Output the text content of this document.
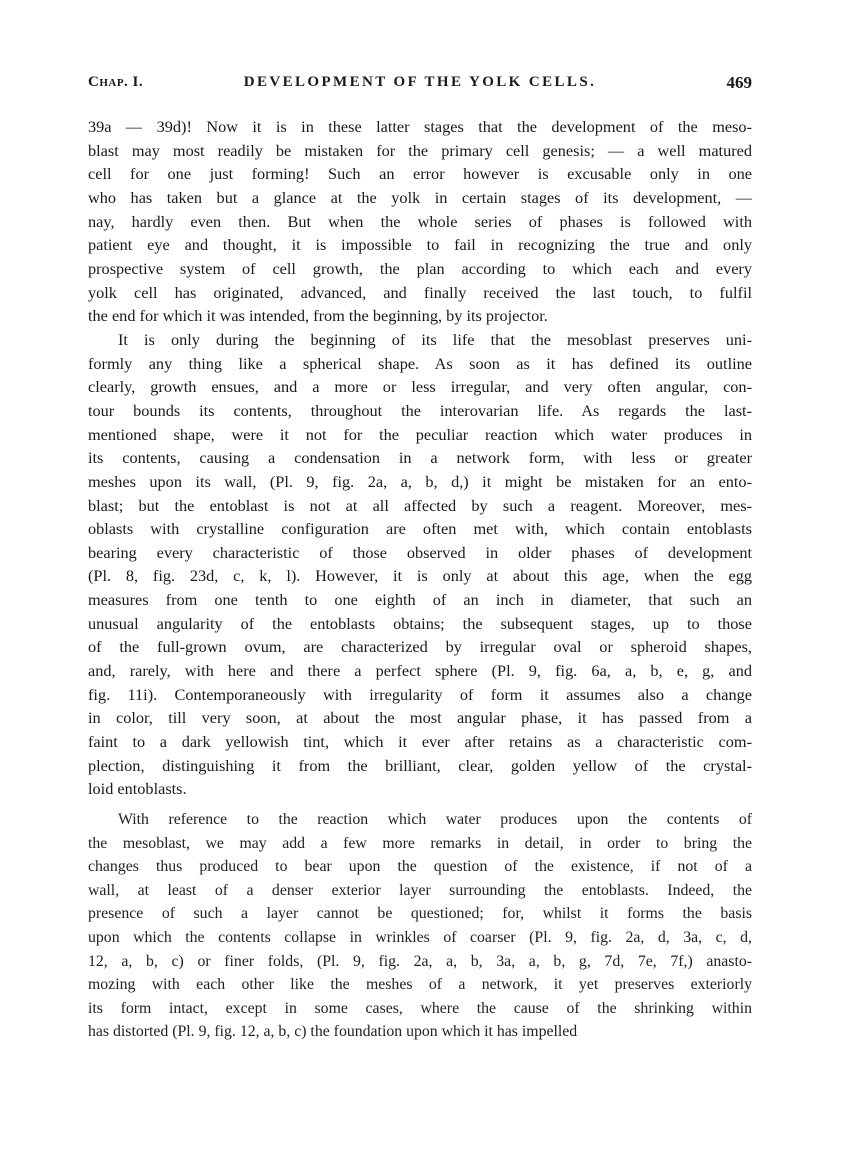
Chap. I.	DEVELOPMENT OF THE YOLK CELLS.	469
39a — 39d)! Now it is in these latter stages that the development of the meso-
blast may most readily be mistaken for the primary cell genesis; — a well matured
cell for one just forming! Such an error however is excusable only in one
who has taken but a glance at the yolk in certain stages of its development, —
nay, hardly even then. But when the whole series of phases is followed with
patient eye and thought, it is impossible to fail in recognizing the true and only
prospective system of cell growth, the plan according to which each and every
yolk cell has originated, advanced, and finally received the last touch, to fulfil
the end for which it was intended, from the beginning, by its projector.
It is only during the beginning of its life that the mesoblast preserves uni-
formly any thing like a spherical shape. As soon as it has defined its outline
clearly, growth ensues, and a more or less irregular, and very often angular, con-
tour bounds its contents, throughout the interovarian life. As regards the last-
mentioned shape, were it not for the peculiar reaction which water produces in
its contents, causing a condensation in a network form, with less or greater
meshes upon its wall, (Pl. 9, fig. 2a, a, b, d,) it might be mistaken for an ento-
blast; but the entoblast is not at all affected by such a reagent. Moreover, mes-
oblasts with crystalline configuration are often met with, which contain entoblasts
bearing every characteristic of those observed in older phases of development
(Pl. 8, fig. 23d, c, k, l). However, it is only at about this age, when the egg
measures from one tenth to one eighth of an inch in diameter, that such an
unusual angularity of the entoblasts obtains; the subsequent stages, up to those
of the full-grown ovum, are characterized by irregular oval or spheroid shapes,
and, rarely, with here and there a perfect sphere (Pl. 9, fig. 6a, a, b, e, g, and
fig. 11i). Contemporaneously with irregularity of form it assumes also a change
in color, till very soon, at about the most angular phase, it has passed from a
faint to a dark yellowish tint, which it ever after retains as a characteristic com-
plection, distinguishing it from the brilliant, clear, golden yellow of the crystal-
loid entoblasts.
With reference to the reaction which water produces upon the contents of
the mesoblast, we may add a few more remarks in detail, in order to bring the
changes thus produced to bear upon the question of the existence, if not of a
wall, at least of a denser exterior layer surrounding the entoblasts. Indeed, the
presence of such a layer cannot be questioned; for, whilst it forms the basis
upon which the contents collapse in wrinkles of coarser (Pl. 9, fig. 2a, d, 3a, c, d,
12, a, b, c) or finer folds, (Pl. 9, fig. 2a, a, b, 3a, a, b, g, 7d, 7e, 7f,) anasto-
mozing with each other like the meshes of a network, it yet preserves exteriorly
its form intact, except in some cases, where the cause of the shrinking within
has distorted (Pl. 9, fig. 12, a, b, c) the foundation upon which it has impelled
